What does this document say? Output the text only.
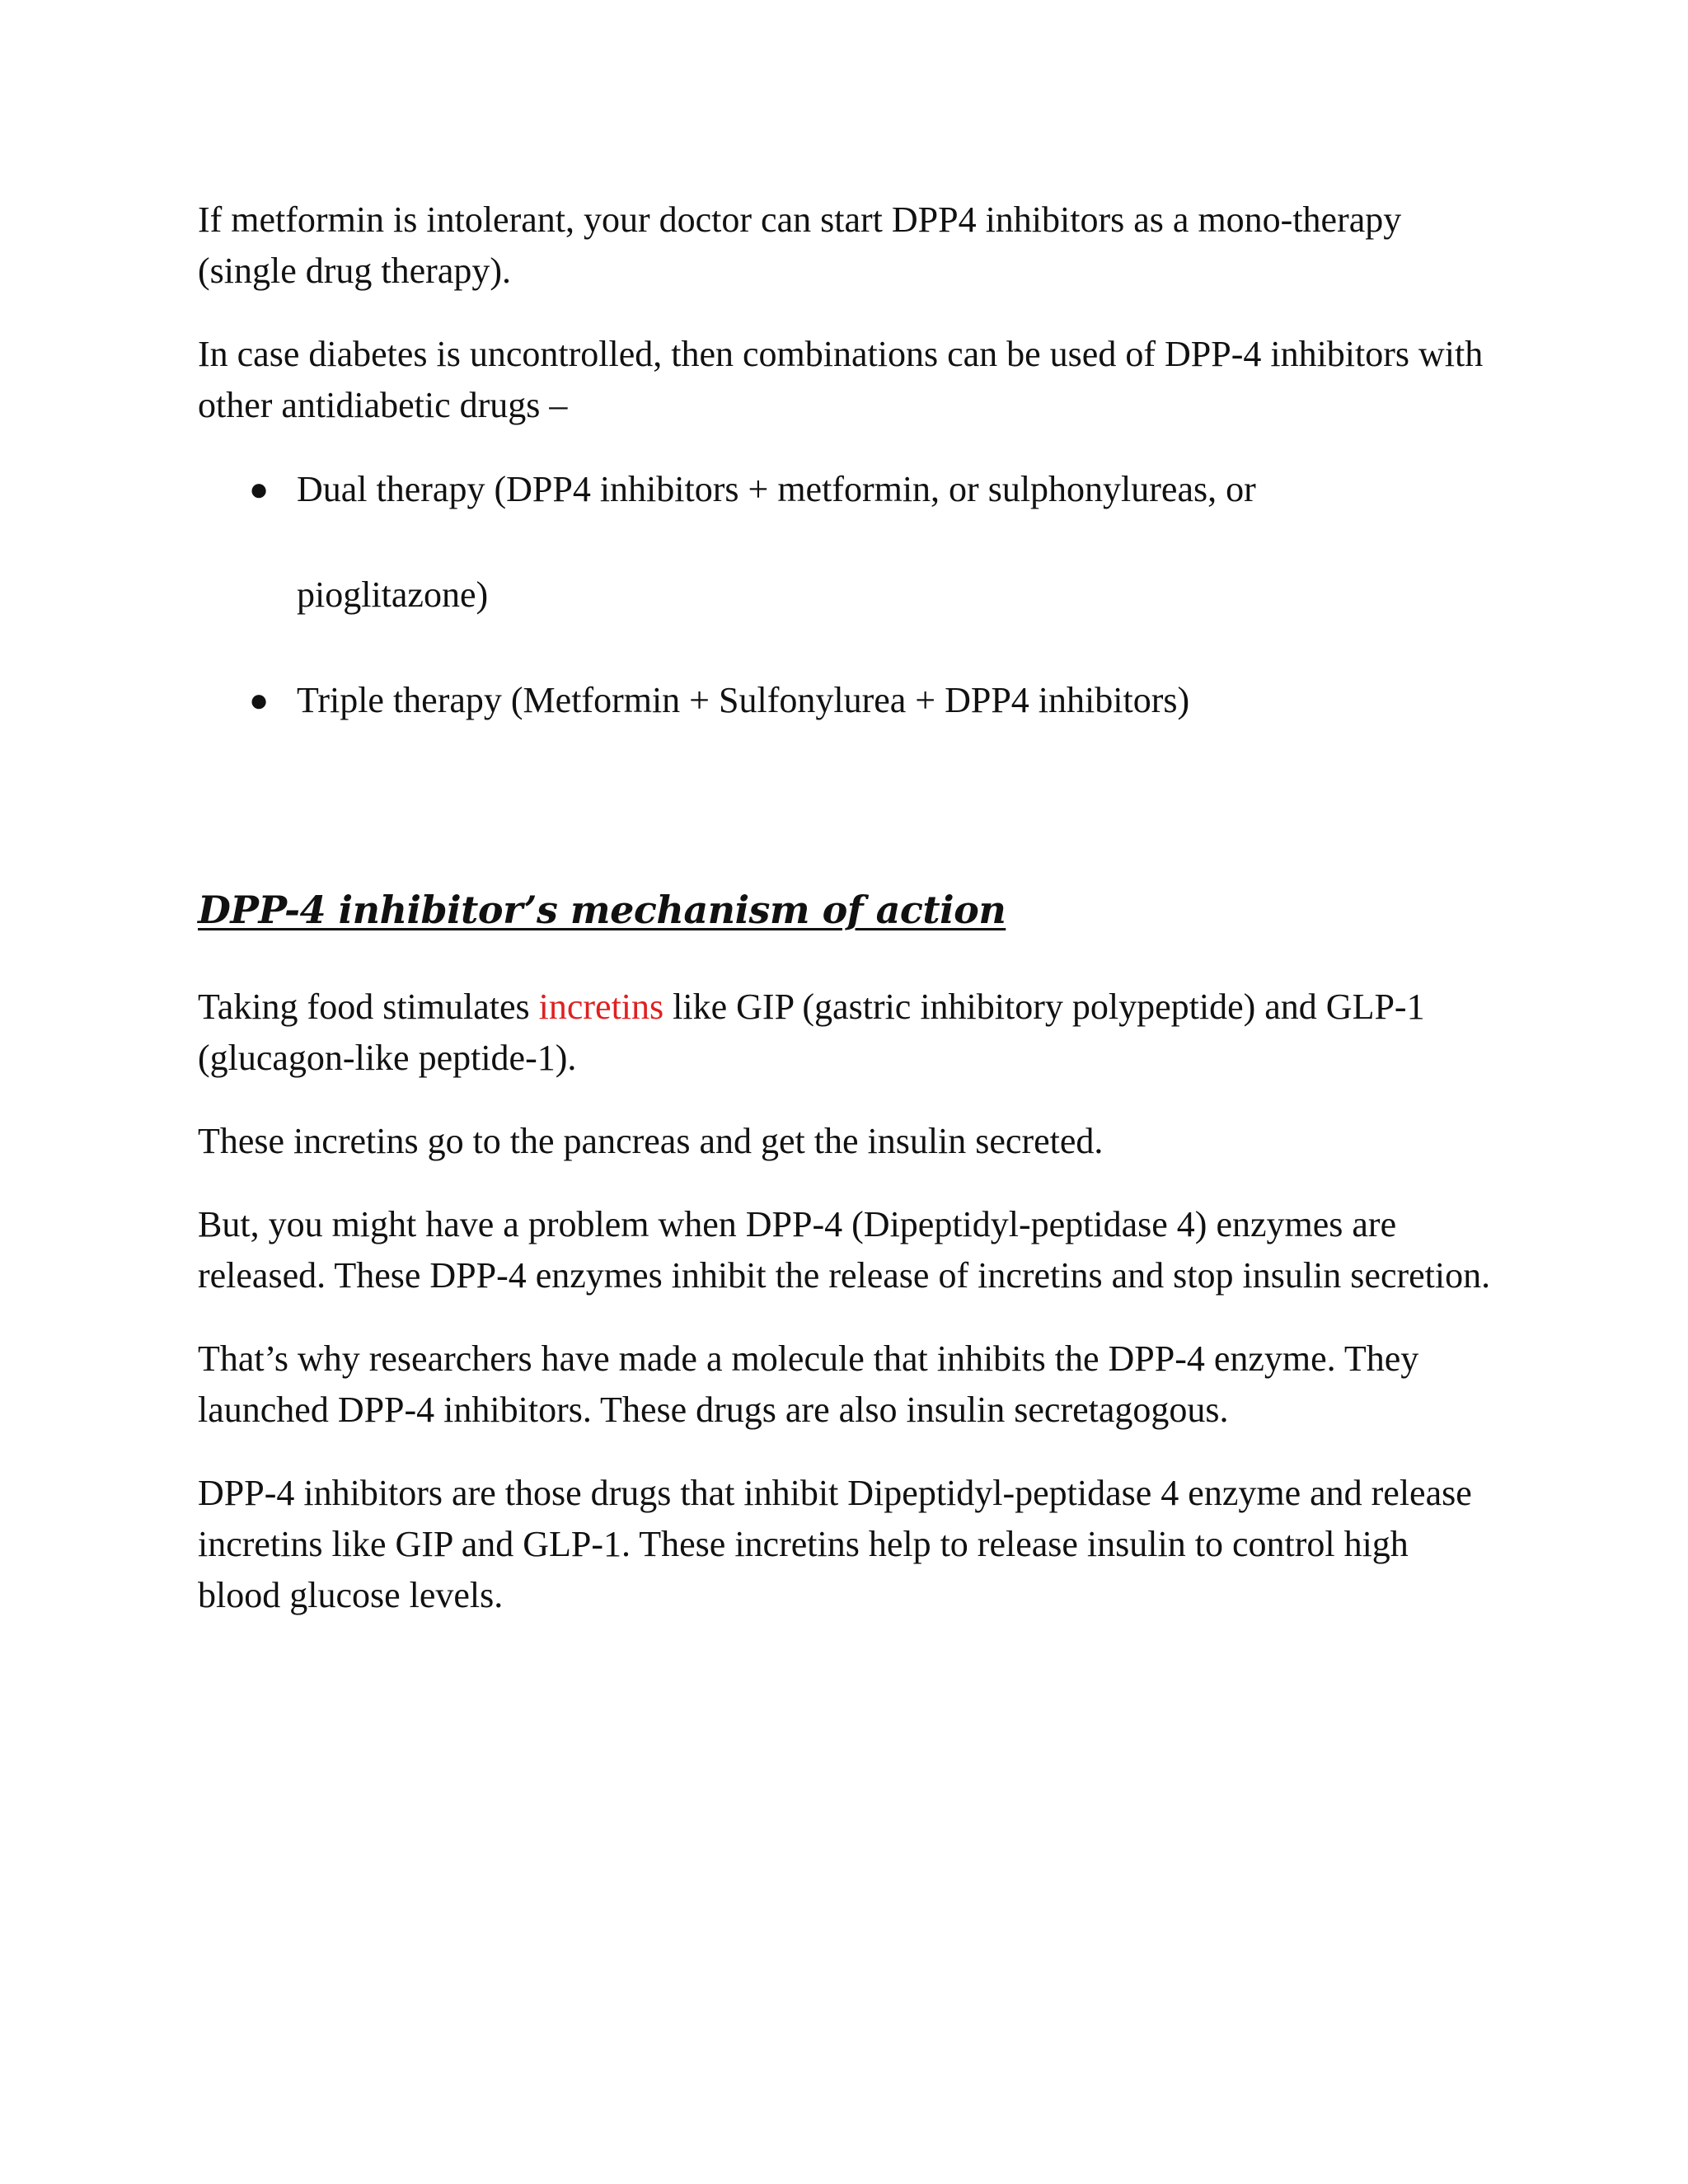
If metformin is intolerant, your doctor can start DPP4 inhibitors as a mono-therapy (single drug therapy).

In case diabetes is uncontrolled, then combinations can be used of DPP-4 inhibitors with other antidiabetic drugs –

● Dual therapy (DPP4 inhibitors + metformin, or sulphonylureas, or
pioglitazone)
● Triple therapy (Metformin + Sulfonylurea + DPP4 inhibitors)
DPP-4 inhibitor’s mechanism of action

Taking food stimulates incretins like GIP (gastric inhibitory polypeptide) and GLP-1 (glucagon‑like peptide‑1).

These incretins go to the pancreas and get the insulin secreted.

But, you might have a problem when DPP-4 (Dipeptidyl-peptidase 4) enzymes are released. These DPP-4 enzymes inhibit the release of incretins and stop insulin secretion.

That’s why researchers have made a molecule that inhibits the DPP-4 enzyme. They launched DPP-4 inhibitors. These drugs are also insulin secretagogous.

DPP-4 inhibitors are those drugs that inhibit Dipeptidyl-peptidase 4 enzyme and release incretins like GIP and GLP-1. These incretins help to release insulin to control high blood glucose levels.
